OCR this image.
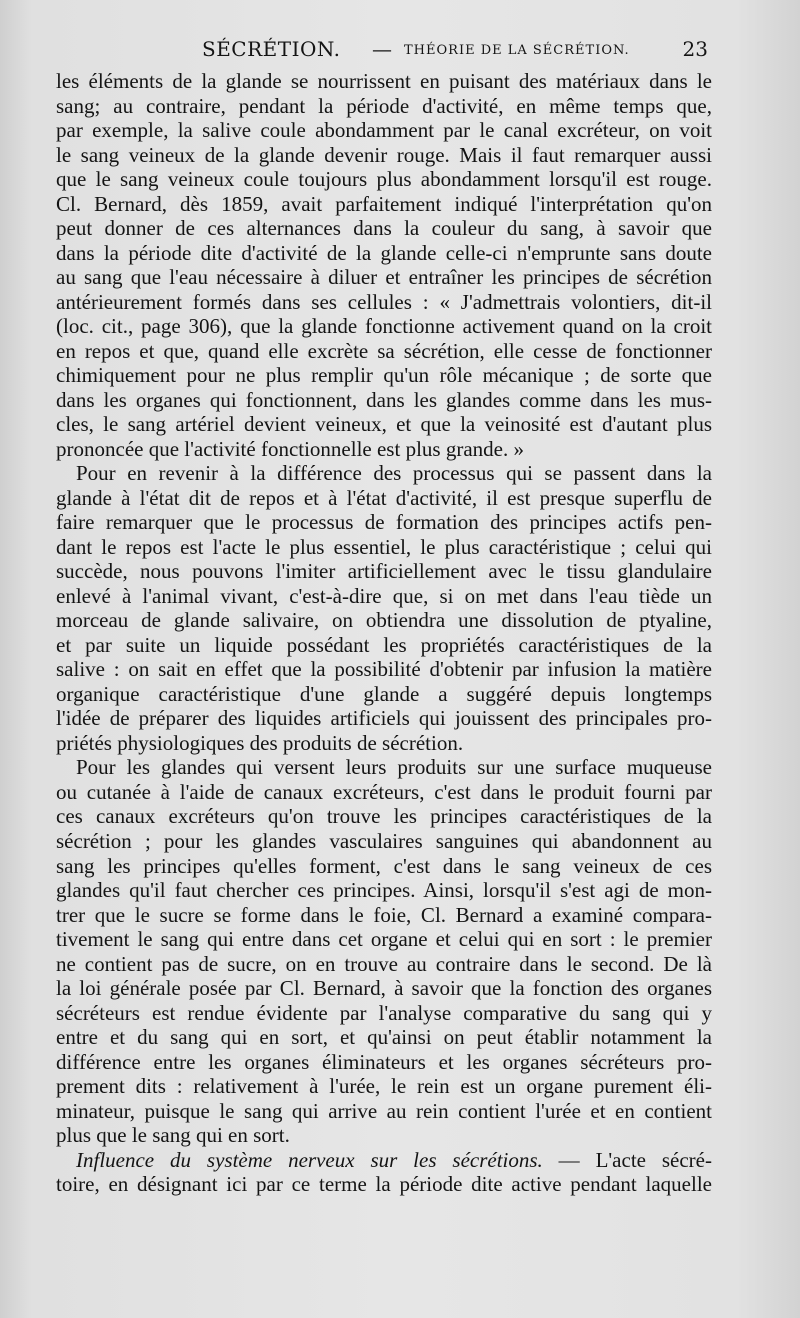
SÉCRÉTION. — THÉORIE DE LA SÉCRÉTION.	23
les éléments de la glande se nourrissent en puisant des matériaux dans le
sang; au contraire, pendant la période d'activité, en même temps que,
par exemple, la salive coule abondamment par le canal excréteur, on voit
le sang veineux de la glande devenir rouge. Mais il faut remarquer aussi
que le sang veineux coule toujours plus abondamment lorsqu'il est rouge.
Cl. Bernard, dès 1859, avait parfaitement indiqué l'interprétation qu'on
peut donner de ces alternances dans la couleur du sang, à savoir que
dans la période dite d'activité de la glande celle-ci n'emprunte sans doute
au sang que l'eau nécessaire à diluer et entraîner les principes de sécrétion
antérieurement formés dans ses cellules : « J'admettrais volontiers, dit-il
(loc. cit., page 306), que la glande fonctionne activement quand on la croit
en repos et que, quand elle excrète sa sécrétion, elle cesse de fonctionner
chimiquement pour ne plus remplir qu'un rôle mécanique ; de sorte que
dans les organes qui fonctionnent, dans les glandes comme dans les mus-
cles, le sang artériel devient veineux, et que la veinosité est d'autant plus
prononcée que l'activité fonctionnelle est plus grande. »
Pour en revenir à la différence des processus qui se passent dans la
glande à l'état dit de repos et à l'état d'activité, il est presque superflu de
faire remarquer que le processus de formation des principes actifs pen-
dant le repos est l'acte le plus essentiel, le plus caractéristique ; celui qui
succède, nous pouvons l'imiter artificiellement avec le tissu glandulaire
enlevé à l'animal vivant, c'est-à-dire que, si on met dans l'eau tiède un
morceau de glande salivaire, on obtiendra une dissolution de ptyaline,
et par suite un liquide possédant les propriétés caractéristiques de la
salive : on sait en effet que la possibilité d'obtenir par infusion la matière
organique caractéristique d'une glande a suggéré depuis longtemps
l'idée de préparer des liquides artificiels qui jouissent des principales pro-
priétés physiologiques des produits de sécrétion.
Pour les glandes qui versent leurs produits sur une surface muqueuse
ou cutanée à l'aide de canaux excréteurs, c'est dans le produit fourni par
ces canaux excréteurs qu'on trouve les principes caractéristiques de la
sécrétion ; pour les glandes vasculaires sanguines qui abandonnent au
sang les principes qu'elles forment, c'est dans le sang veineux de ces
glandes qu'il faut chercher ces principes. Ainsi, lorsqu'il s'est agi de mon-
trer que le sucre se forme dans le foie, Cl. Bernard a examiné compara-
tivement le sang qui entre dans cet organe et celui qui en sort : le premier
ne contient pas de sucre, on en trouve au contraire dans le second. De là
la loi générale posée par Cl. Bernard, à savoir que la fonction des organes
sécréteurs est rendue évidente par l'analyse comparative du sang qui y
entre et du sang qui en sort, et qu'ainsi on peut établir notamment la
différence entre les organes éliminateurs et les organes sécréteurs pro-
prement dits : relativement à l'urée, le rein est un organe purement éli-
minateur, puisque le sang qui arrive au rein contient l'urée et en contient
plus que le sang qui en sort.
Influence du système nerveux sur les sécrétions. — L'acte sécré-
toire, en désignant ici par ce terme la période dite active pendant laquelle
